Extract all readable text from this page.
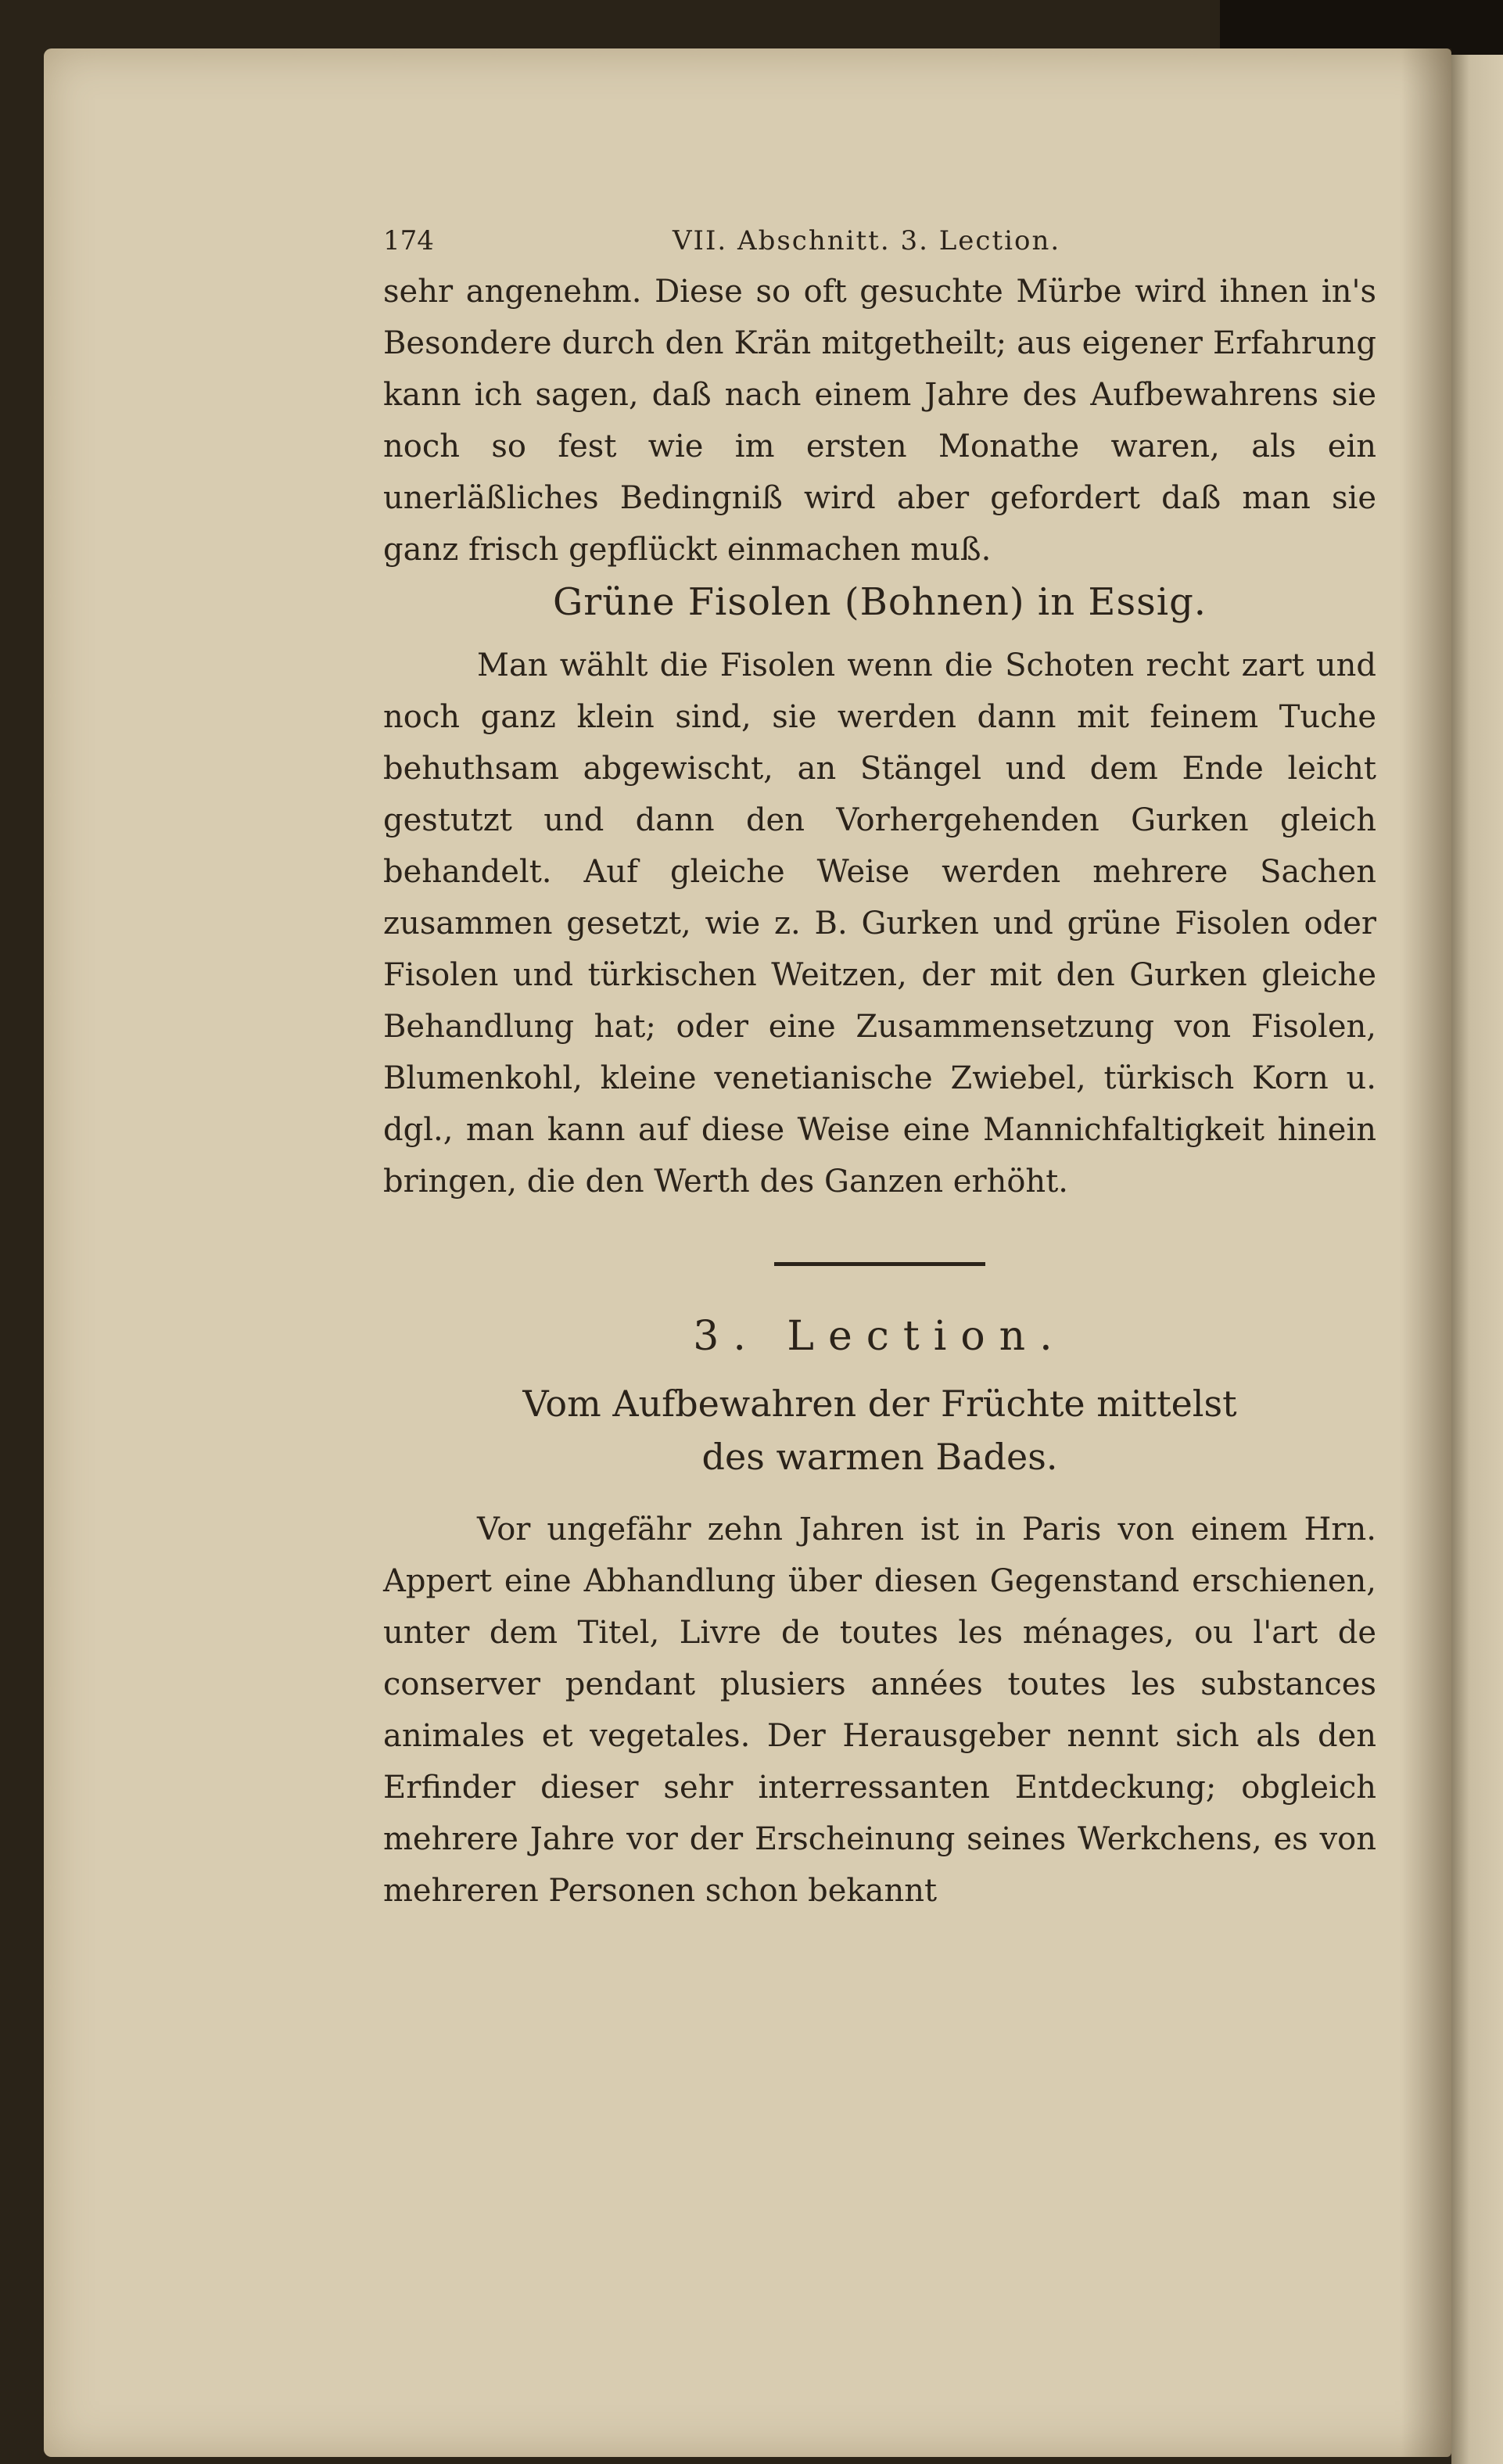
174	VII. Abschnitt. 3. Lection.

sehr angenehm. Diese so oft gesuchte Mürbe wird ihnen in's Besondere durch den Krän mitgetheilt; aus eigener Erfahrung kann ich sagen, daß nach einem Jahre des Aufbewahrens sie noch so fest wie im ersten Monathe waren, als ein unerläßliches Bedingniß wird aber gefordert daß man sie ganz frisch gepflückt einmachen muß.

Grüne Fisolen (Bohnen) in Essig.

Man wählt die Fisolen wenn die Schoten recht zart und noch ganz klein sind, sie werden dann mit feinem Tuche behuthsam abgewischt, an Stängel und dem Ende leicht gestutzt und dann den Vorhergehenden Gurken gleich behandelt. Auf gleiche Weise werden mehrere Sachen zusammen gesetzt, wie z. B. Gurken und grüne Fisolen oder Fisolen und türkischen Weitzen, der mit den Gurken gleiche Behandlung hat; oder eine Zusammensetzung von Fisolen, Blumenkohl, kleine venetianische Zwiebel, türkisch Korn u. dgl., man kann auf diese Weise eine Mannichfaltigkeit hinein bringen, die den Werth des Ganzen erhöht.

3. Lection.
Vom Aufbewahren der Früchte mittelst
des warmen Bades.

Vor ungefähr zehn Jahren ist in Paris von einem Hrn. Appert eine Abhandlung über diesen Gegenstand erschienen, unter dem Titel, Livre de toutes les ménages, ou l'art de conserver pendant plusiers années toutes les substances animales et vegetales. Der Herausgeber nennt sich als den Erfinder dieser sehr interressanten Entdeckung; obgleich mehrere Jahre vor der Erscheinung seines Werkchens, es von mehreren Personen schon bekannt
